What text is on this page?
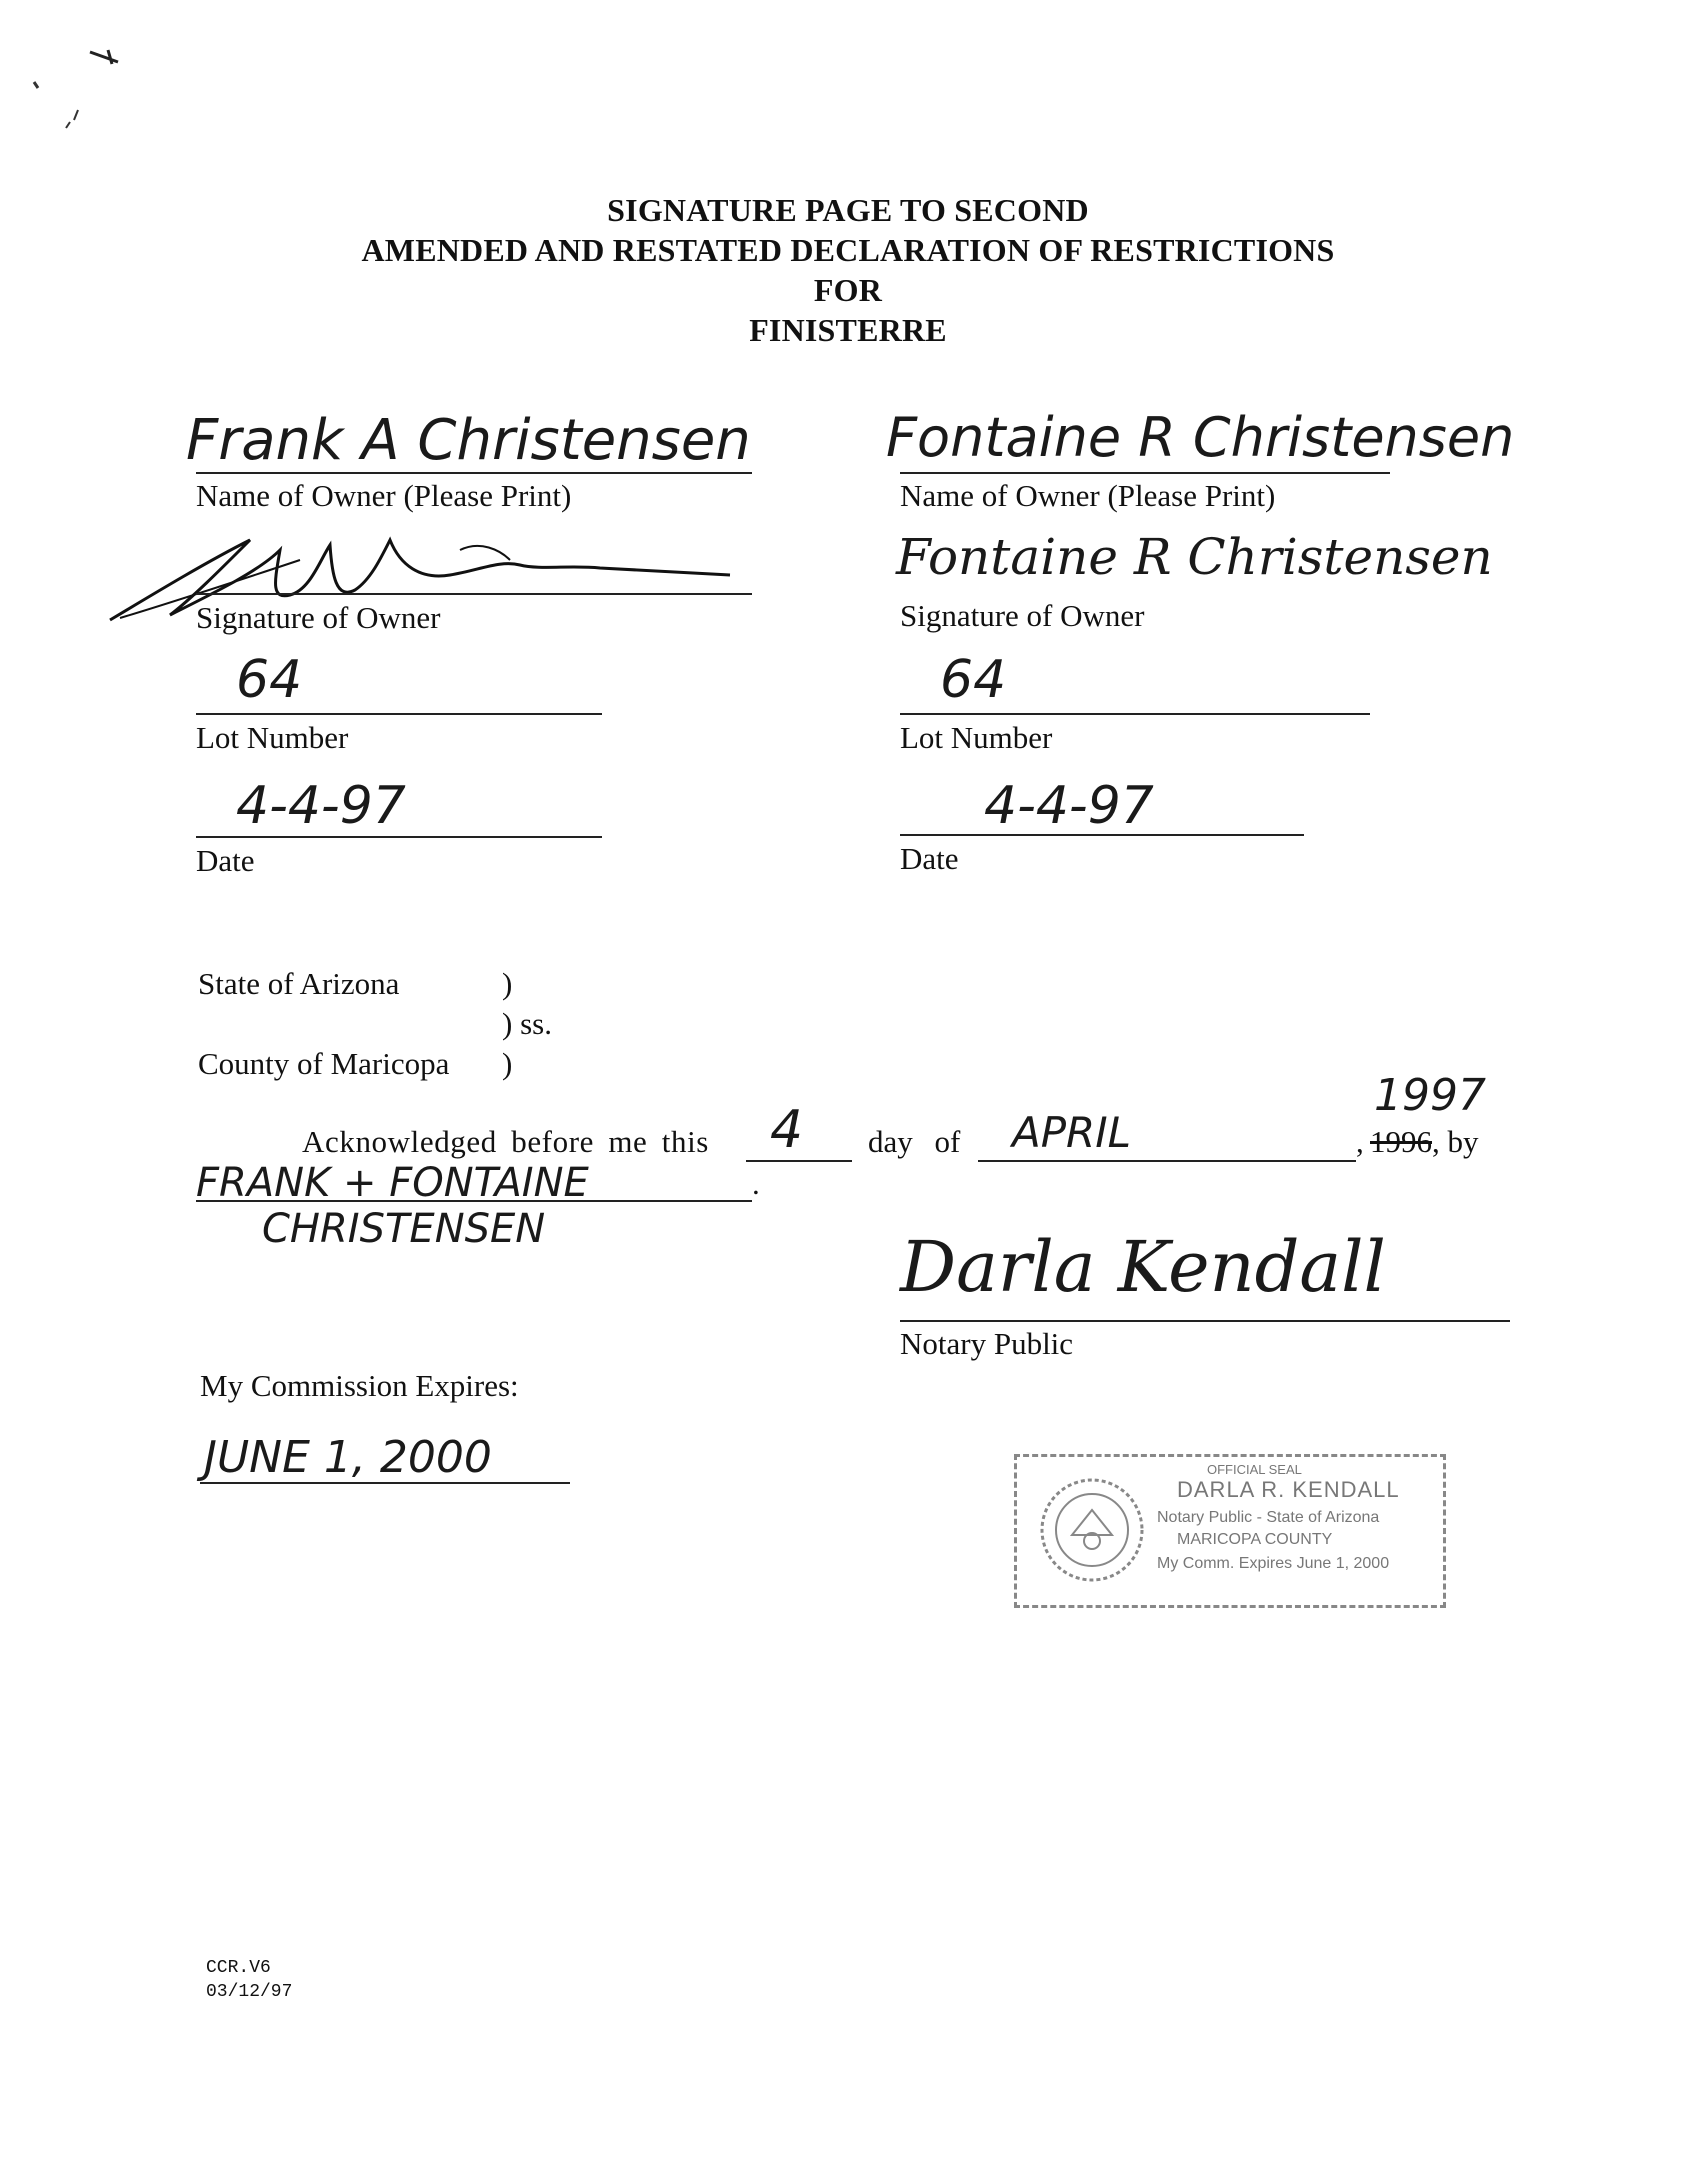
SIGNATURE PAGE TO SECOND
AMENDED AND RESTATED DECLARATION OF RESTRICTIONS
FOR
FINISTERRE
Frank A Christensen
Name of Owner (Please Print)
Signature of Owner
64
Lot Number
4-4-97
Date
Fontaine R Christensen
Name of Owner (Please Print)
Fontaine R Christensen
Signature of Owner
64
Lot Number
4-4-97
Date
State of Arizona	)
) ss.
County of Maricopa )
Acknowledged before me this 4 day of APRIL
1997
, 1996 , by
FRANK + FONTAINE	.
CHRISTENSEN	Darla Kendall
Notary Public
My Commission Expires:
JUNE 1, 2000	OFFICIAL SEAL
DARLA R. KENDALL
Notary Public - State of Arizona
MARICOPA COUNTY
My Comm. Expires June 1, 2000
CCR.V6
03/12/97
